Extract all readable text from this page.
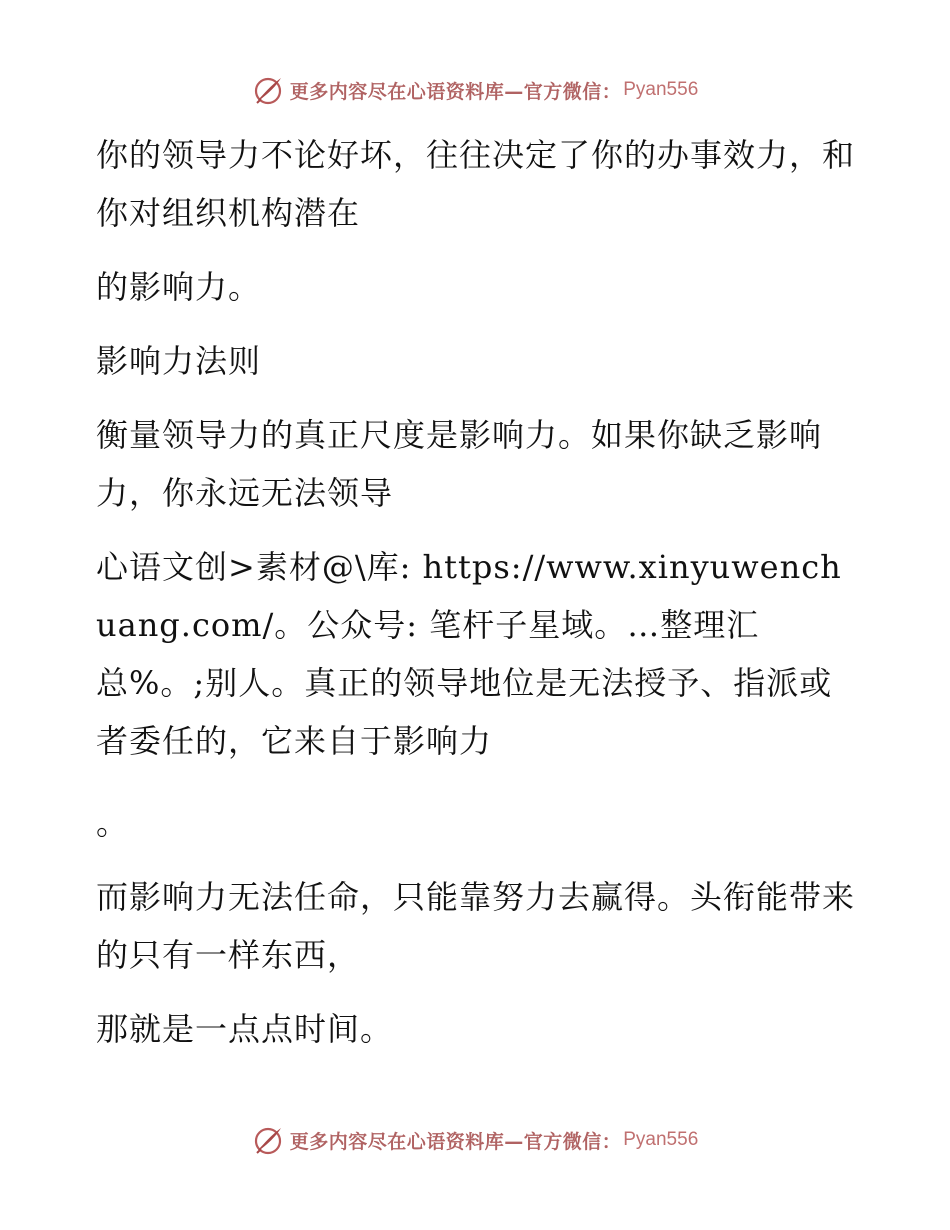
更多内容尽在心语资料库—官方微信： Pyan556

你的领导力不论好坏，往往决定了你的办事效力，和你对组织机构潜在

的影响力。

影响力法则

衡量领导力的真正尺度是影响力。如果你缺乏影响力，你永远无法领导

心语文创>素材@\库: https://www.xinyuwenchuang.com/。公众号: 笔杆子星域。…整理汇总%。;别人。真正的领导地位是无法授予、指派或者委任的，它来自于影响力

。

而影响力无法任命，只能靠努力去赢得。头衔能带来的只有一样东西，

那就是一点点时间。

更多内容尽在心语资料库—官方微信： Pyan556
